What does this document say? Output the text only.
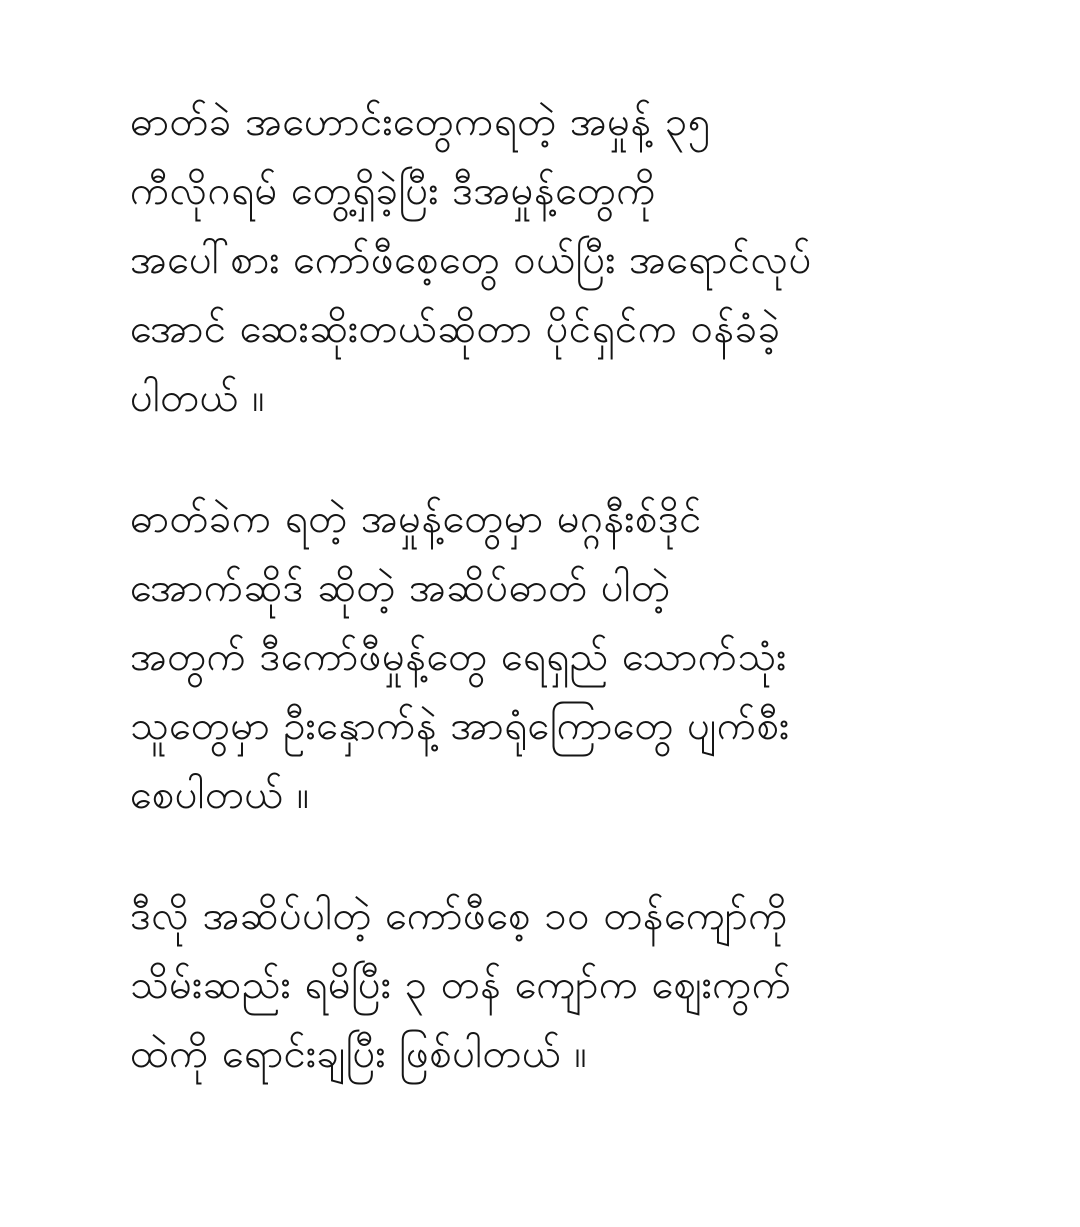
ဓာတ်ခဲ အဟောင်းတွေကရတဲ့ အမှုန့် ၃၅
ကီလိုဂရမ် တွေ့ရှိခဲ့ပြီး ဒီအမှုန့်တွေကို
အပေါ်စား ကော်ဖီစေ့တွေ ဝယ်ပြီး အရောင်လုပ်
အောင် ဆေးဆိုးတယ်ဆိုတာ ပိုင်ရှင်က ဝန်ခံခဲ့
ပါတယ် ။

ဓာတ်ခဲက ရတဲ့ အမှုန့်တွေမှာ မဂ္ဂနီးစ်ဒိုင်
အောက်ဆိုဒ် ဆိုတဲ့ အဆိပ်ဓာတ် ပါတဲ့
အတွက် ဒီကော်ဖီမှုန့်တွေ ရေရှည် သောက်သုံး
သူတွေမှာ ဦးနှောက်နဲ့ အာရုံကြောတွေ ပျက်စီး
စေပါတယ် ။

ဒီလို အဆိပ်ပါတဲ့ ကော်ဖီစေ့ ၁၀ တန်ကျော်ကို
သိမ်းဆည်း ရမိပြီး ၃ တန် ကျော်က ဈေးကွက်
ထဲကို ရောင်းချပြီး ဖြစ်ပါတယ် ။
